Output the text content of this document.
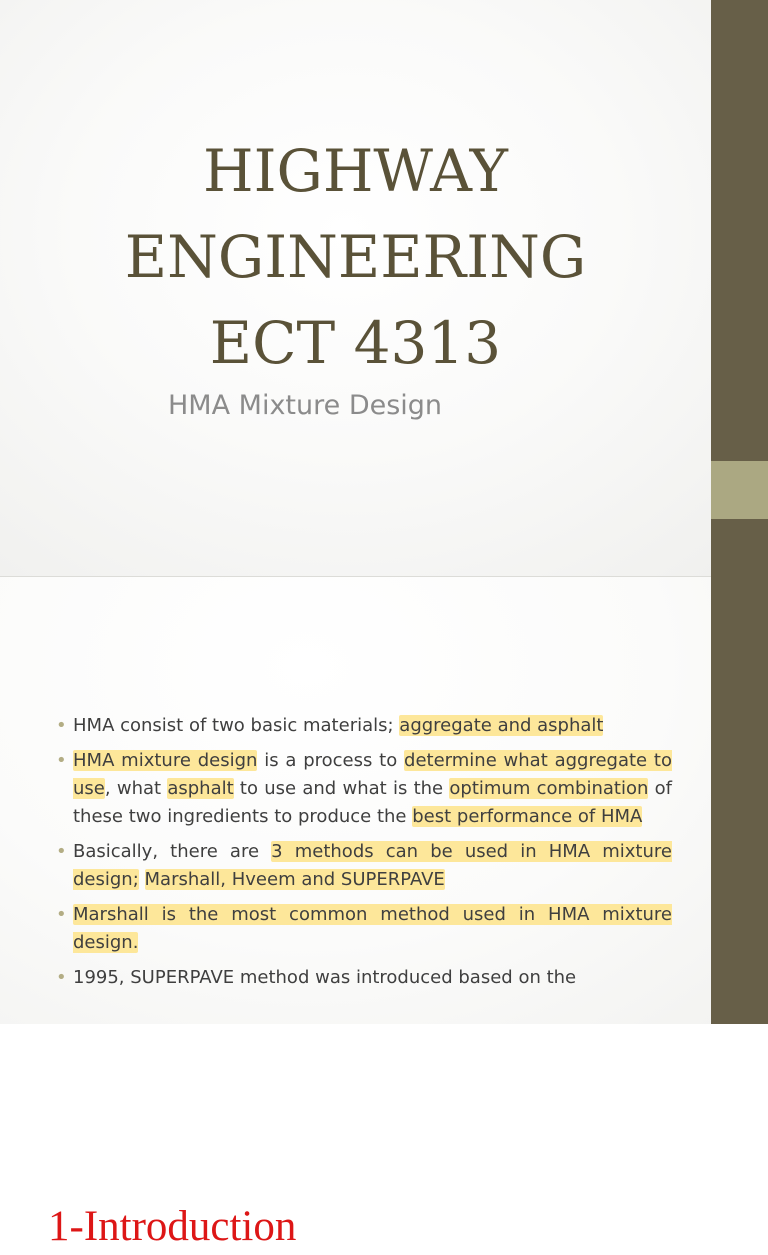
HIGHWAY
ENGINEERING
ECT 4313
HMA Mixture Design
1-Introduction
• HMA consist of two basic materials; aggregate and asphalt
• HMA mixture design is a process to determine what aggregate to use, what asphalt to use and what is the optimum combination of these two ingredients to produce the best performance of HMA
• Basically, there are 3 methods can be used in HMA mixture design; Marshall, Hveem and SUPERPAVE
• Marshall is the most common method used in HMA mixture design.
• 1995, SUPERPAVE method was introduced based on the
